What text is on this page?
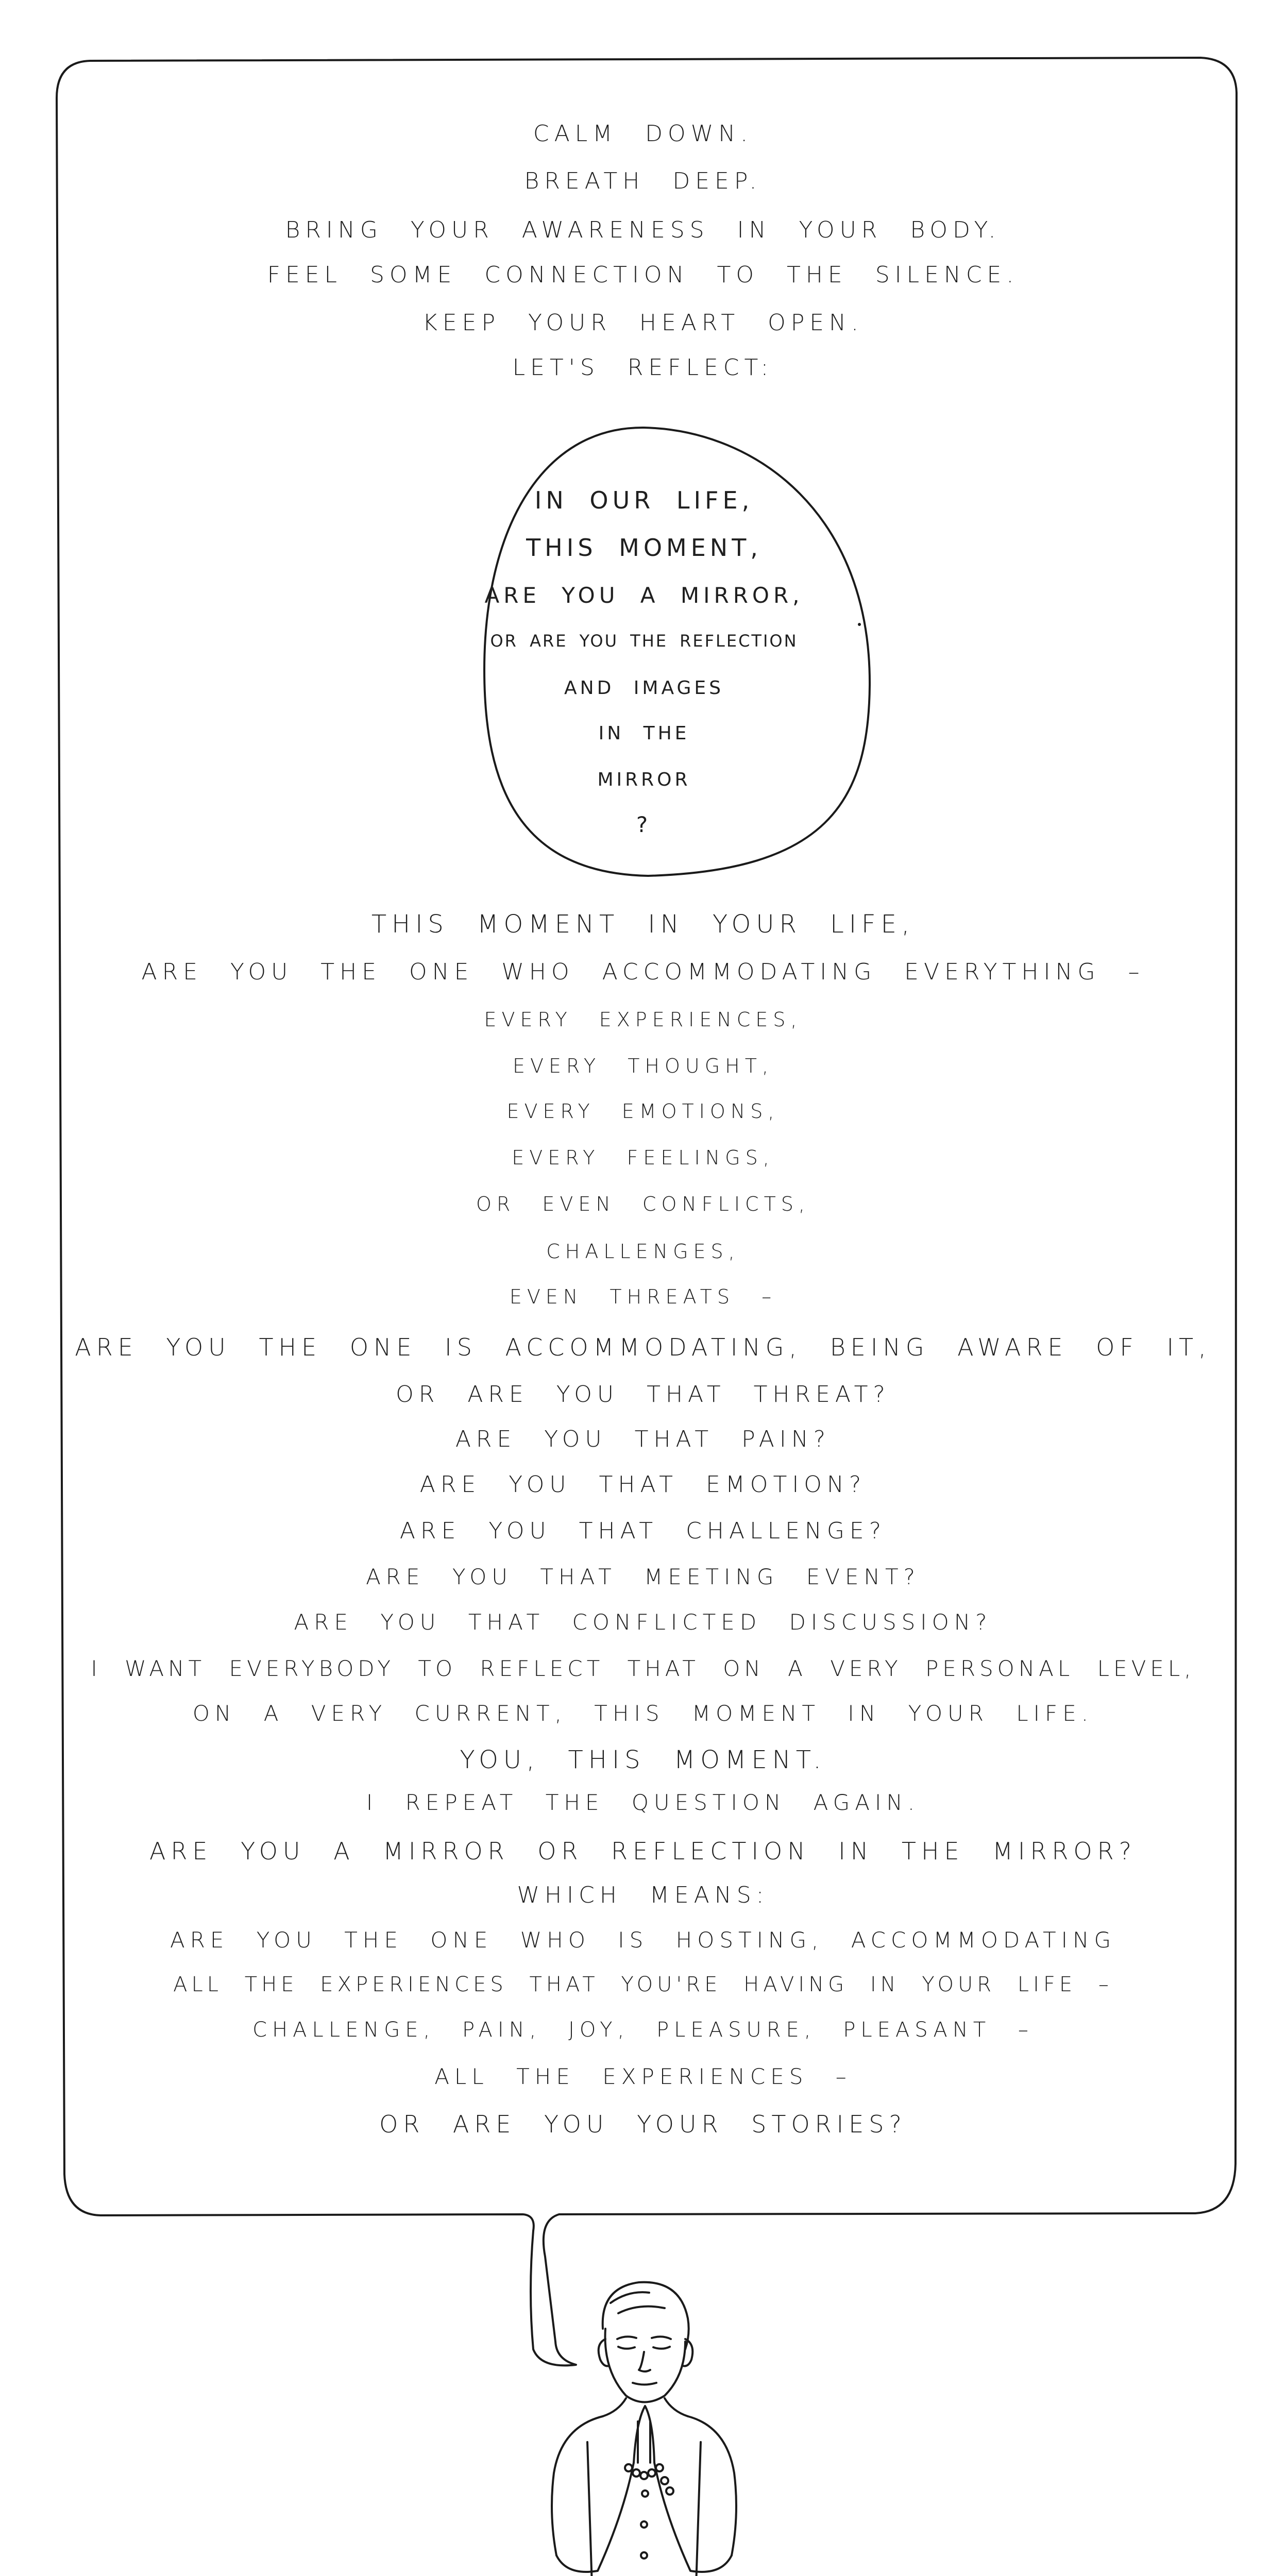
CALM DOWN.
BREATH DEEP.
BRING YOUR AWARENESS IN YOUR BODY.
FEEL SOME CONNECTION TO THE SILENCE.
KEEP YOUR HEART OPEN.
LET'S REFLECT:
IN OUR LIFE,
THIS MOMENT,
ARE YOU A MIRROR,
OR ARE YOU THE REFLECTION
AND IMAGES
IN THE
MIRROR
?
THIS MOMENT IN YOUR LIFE,
ARE YOU THE ONE WHO ACCOMMODATING EVERYTHING –
EVERY EXPERIENCES,
EVERY THOUGHT,
EVERY EMOTIONS,
EVERY FEELINGS,
OR EVEN CONFLICTS,
CHALLENGES,
EVEN THREATS –
ARE YOU THE ONE IS ACCOMMODATING, BEING AWARE OF IT,
OR ARE YOU THAT THREAT?
ARE YOU THAT PAIN?
ARE YOU THAT EMOTION?
ARE YOU THAT CHALLENGE?
ARE YOU THAT MEETING EVENT?
ARE YOU THAT CONFLICTED DISCUSSION?
I WANT EVERYBODY TO REFLECT THAT ON A VERY PERSONAL LEVEL,
ON A VERY CURRENT, THIS MOMENT IN YOUR LIFE.
YOU, THIS MOMENT.
I REPEAT THE QUESTION AGAIN.
ARE YOU A MIRROR OR REFLECTION IN THE MIRROR?
WHICH MEANS:
ARE YOU THE ONE WHO IS HOSTING, ACCOMMODATING
ALL THE EXPERIENCES THAT YOU'RE HAVING IN YOUR LIFE –
CHALLENGE, PAIN, JOY, PLEASURE, PLEASANT –
ALL THE EXPERIENCES –
OR ARE YOU YOUR STORIES?
